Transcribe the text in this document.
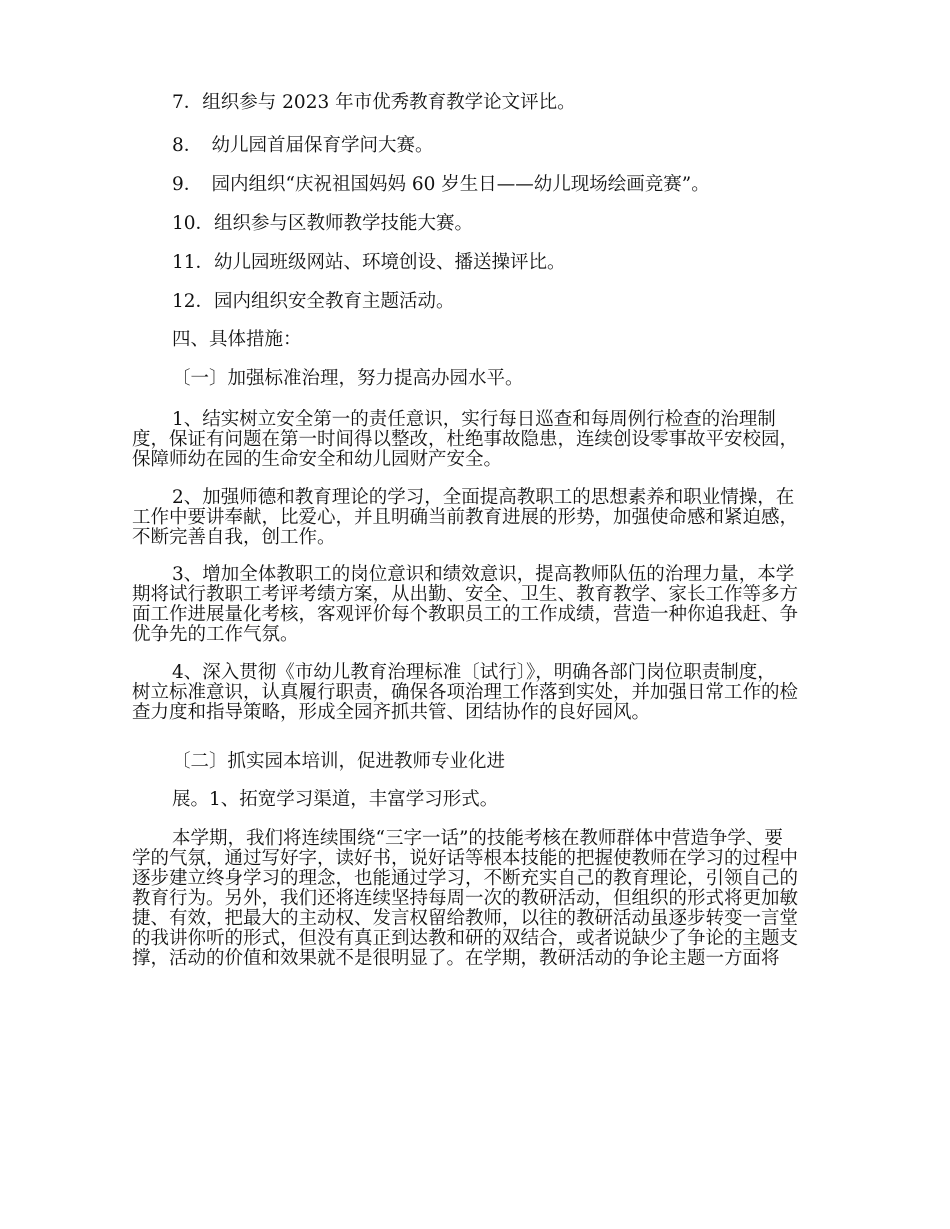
7．组织参与 2023 年市优秀教育教学论文评比。
8．　幼儿园首届保育学问大赛。
9．　园内组织“庆祝祖国妈妈 60 岁生日——幼儿现场绘画竞赛”。
10．组织参与区教师教学技能大赛。
11．幼儿园班级网站、环境创设、播送操评比。
12．园内组织安全教育主题活动。
四、具体措施：
〔一〕加强标准治理，努力提高办园水平。
1、结实树立安全第一的责任意识，实行每日巡查和每周例行检查的治理制
度，保证有问题在第一时间得以整改，杜绝事故隐患，连续创设零事故平安校园，
保障师幼在园的生命安全和幼儿园财产安全。
2、加强师德和教育理论的学习，全面提高教职工的思想素养和职业情操，在
工作中要讲奉献，比爱心，并且明确当前教育进展的形势，加强使命感和紧迫感，
不断完善自我，创工作。
3、增加全体教职工的岗位意识和绩效意识，提高教师队伍的治理力量，本学
期将试行教职工考评考绩方案，从出勤、安全、卫生、教育教学、家长工作等多方
面工作进展量化考核，客观评价每个教职员工的工作成绩，营造一种你追我赶、争
优争先的工作气氛。
4、深入贯彻《市幼儿教育治理标准〔试行〕》，明确各部门岗位职责制度，
树立标准意识，认真履行职责，确保各项治理工作落到实处，并加强日常工作的检
查力度和指导策略，形成全园齐抓共管、团结协作的良好园风。
〔二〕抓实园本培训，促进教师专业化进
展。1、拓宽学习渠道，丰富学习形式。
本学期，我们将连续围绕“三字一话”的技能考核在教师群体中营造争学、要
学的气氛，通过写好字，读好书，说好话等根本技能的把握使教师在学习的过程中
逐步建立终身学习的理念，也能通过学习，不断充实自己的教育理论，引领自己的
教育行为。另外，我们还将连续坚持每周一次的教研活动，但组织的形式将更加敏
捷、有效，把最大的主动权、发言权留给教师，以往的教研活动虽逐步转变一言堂
的我讲你听的形式，但没有真正到达教和研的双结合，或者说缺少了争论的主题支
撑，活动的价值和效果就不是很明显了。在学期，教研活动的争论主题一方面将
